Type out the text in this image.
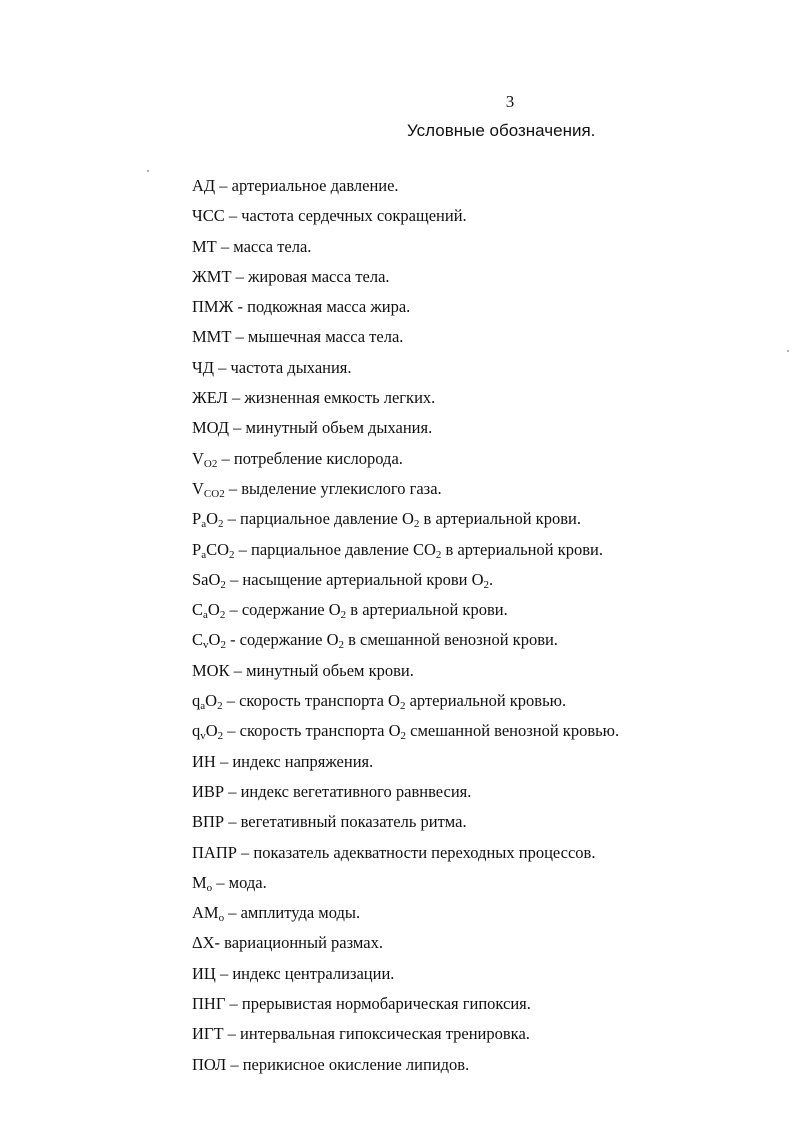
3
Условные обозначения.
АД – артериальное давление.
ЧСС – частота сердечных сокращений.
МТ – масса тела.
ЖМТ – жировая масса тела.
ПМЖ - подкожная масса жира.
ММТ – мышечная масса тела.
ЧД – частота дыхания.
ЖЕЛ – жизненная емкость легких.
МОД – минутный обьем дыхания.
$V_{O2}$ – потребление кислорода.
$V_{CO2}$ – выделение углекислого газа.
$P_aO_2$ – парциальное давление $O_2$ в артериальной крови.
$P_aCO_2$ – парциальное давление $CO_2$ в артериальной крови.
SaO$_2$ – насыщение артериальной крови $O_2$.
$C_aO_2$ – содержание $O_2$ в артериальной крови.
$C_vO_2$ - содержание $O_2$ в смешанной венозной крови.
МОК – минутный обьем крови.
$q_aO_2$ – скорость транспорта $O_2$ артериальной кровью.
$q_vO_2$ – скорость транспорта $O_2$ смешанной венозной кровью.
ИН – индекс напряжения.
ИВР – индекс вегетативного равнвесия.
ВПР – вегетативный показатель ритма.
ПАПР – показатель адекватности переходных процессов.
$M_o$ – мода.
$AM_o$ – амплитуда моды.
ΔX- вариационный размах.
ИЦ – индекс централизации.
ПНГ – прерывистая нормобарическая гипоксия.
ИГТ – интервальная гипоксическая тренировка.
ПОЛ – перикисное окисление липидов.
